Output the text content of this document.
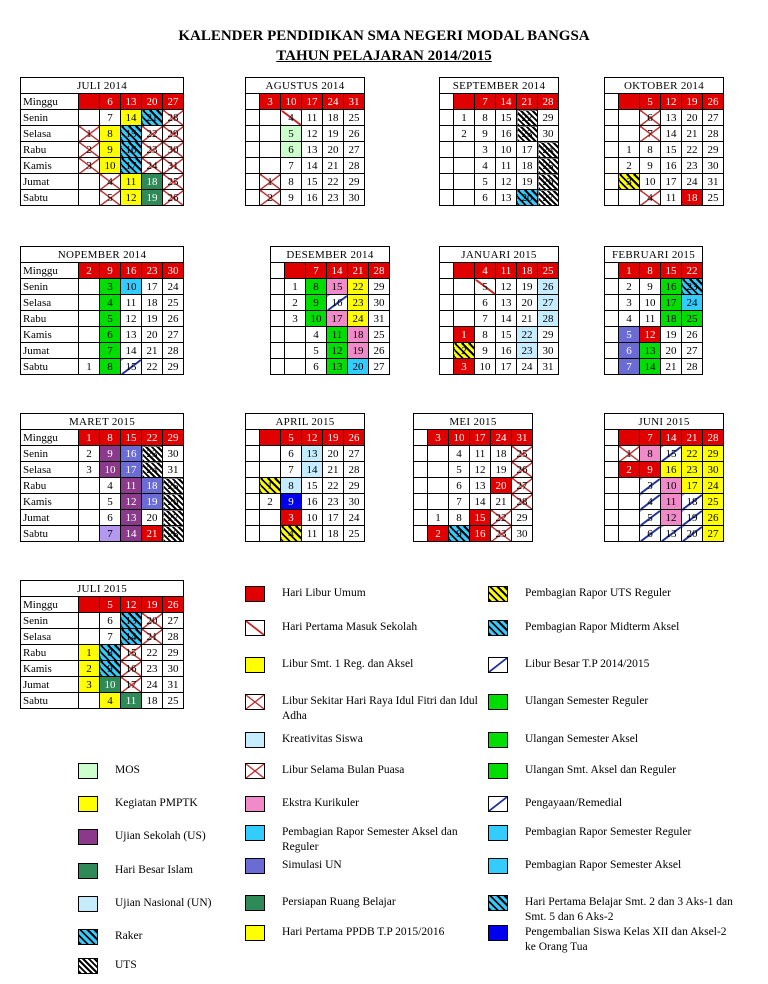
KALENDER PENDIDIKAN SMA NEGERI MODAL BANGSA
TAHUN PELAJARAN 2014/2015
JULI 2014					
Minggu		6	13	20	27
Senin		7	14	21	28
Selasa	1	8	15	22	29
Rabu	2	9	16	23	30
Kamis	3	10	17	24	31
Jumat		4	11	18	25
Sabtu		5	12	19	26
AGUSTUS 2014					
	3	10	17	24	31
		4	11	18	25
		5	12	19	26
		6	13	20	27
		7	14	21	28
	1	8	15	22	29
	2	9	16	23	30
SEPTEMBER 2014					
		7	14	21	28
	1	8	15	22	29
	2	9	16	23	30
		3	10	17	24
		4	11	18	25
		5	12	19	26
		6	13	20	27
OKTOBER 2014					
		5	12	19	26
		6	13	20	27
		7	14	21	28
	1	8	15	22	29
	2	9	16	23	30
	3	10	17	24	31
		4	11	18	25
NOPEMBER 2014					
Minggu	2	9	16	23	30
Senin		3	10	17	24
Selasa		4	11	18	25
Rabu		5	12	19	26
Kamis		6	13	20	27
Jumat		7	14	21	28
Sabtu	1	8	15	22	29
DESEMBER 2014					
		7	14	21	28
	1	8	15	22	29
	2	9	16	23	30
	3	10	17	24	31
		4	11	18	25
		5	12	19	26
		6	13	20	27
JANUARI 2015					
		4	11	18	25
		5	12	19	26
		6	13	20	27
		7	14	21	28
	1	8	15	22	29
	2	9	16	23	30
	3	10	17	24	31
FEBRUARI 2015				
	1	8	15	22
	2	9	16	23
	3	10	17	24
	4	11	18	25
	5	12	19	26
	6	13	20	27
	7	14	21	28
MARET 2015					
Minggu	1	8	15	22	29
Senin	2	9	16	23	30
Selasa	3	10	17	24	31
Rabu		4	11	18	25
Kamis		5	12	19	26
Jumat		6	13	20	27
Sabtu		7	14	21	28
APRIL 2015					
		5	12	19	26
		6	13	20	27
		7	14	21	28
	1	8	15	22	29
	2	9	16	23	30
		3	10	17	24
		4	11	18	25
MEI 2015					
	3	10	17	24	31
		4	11	18	25
		5	12	19	26
		6	13	20	27
		7	14	21	28
	1	8	15	22	29
	2	9	16	23	30
JUNI 2015					
		7	14	21	28
	1	8	15	22	29
	2	9	16	23	30
		3	10	17	24
		4	11	18	25
		5	12	19	26
		6	13	20	27
JULI 2015					
Minggu		5	12	19	26
Senin		6	13	20	27
Selasa		7	14	21	28
Rabu	1	8	15	22	29
Kamis	2	9	16	23	30
Jumat	3	10	17	24	31
Sabtu		4	11	18	25
MOS
Kegiatan PMPTK
Ujian Sekolah (US)
Hari Besar Islam
Ujian Nasional (UN)
Raker
UTS
Hari Libur Umum
Hari Pertama Masuk Sekolah
Libur Smt. 1 Reg. dan Aksel
Libur Sekitar Hari Raya Idul Fitri dan Idul Adha
Kreativitas Siswa
Libur Selama Bulan Puasa
Ekstra Kurikuler
Pembagian Rapor Semester Aksel dan Reguler
Simulasi UN
Persiapan Ruang Belajar
Hari Pertama PPDB T.P 2015/2016
Pembagian Rapor UTS Reguler
Pembagian Rapor Midterm Aksel
Libur Besar T.P 2014/2015
Ulangan Semester Reguler
Ulangan Semester Aksel
Ulangan Smt. Aksel dan Reguler
Pengayaan/Remedial
Pembagian Rapor Semester Reguler
Pembagian Rapor Semester Aksel
Hari Pertama Belajar Smt. 2 dan 3 Aks-1 dan Smt. 5 dan 6 Aks-2
Pengembalian Siswa Kelas XII dan Aksel-2 ke Orang Tua
